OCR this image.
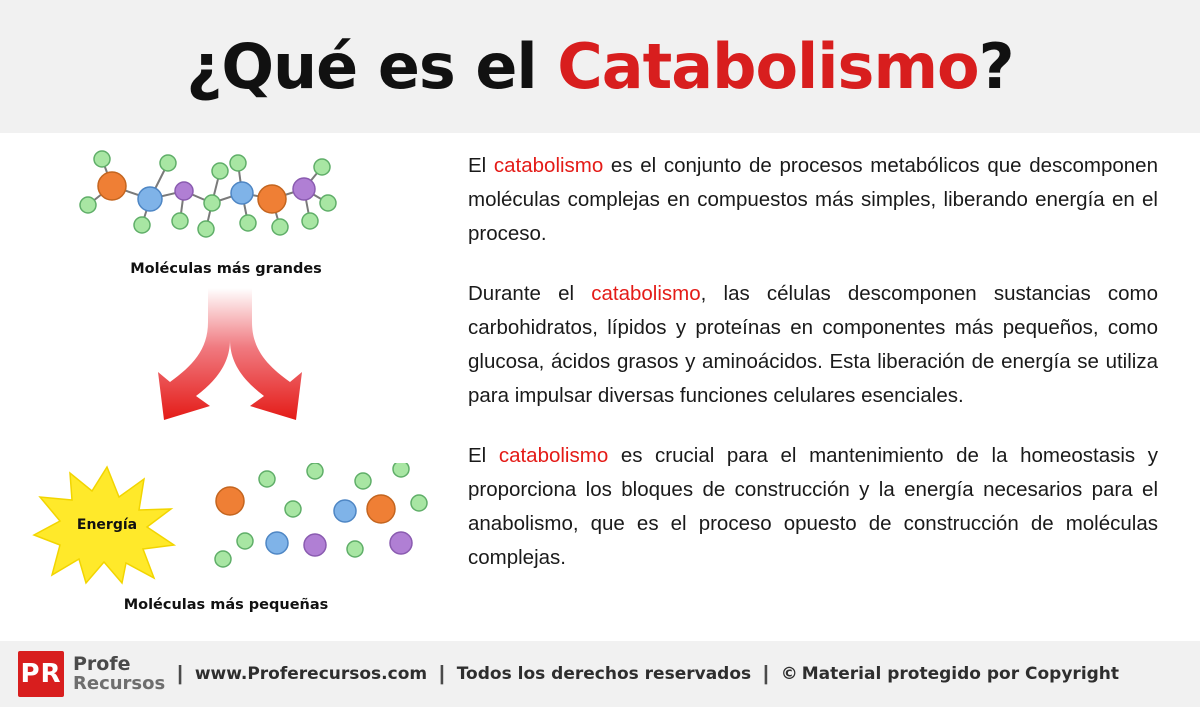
¿Qué es el Catabolismo?
Moléculas más grandes
Energía
Moléculas más pequeñas

El catabolismo es el conjunto de procesos metabólicos que descomponen moléculas complejas en compuestos más simples, liberando energía en el proceso.

Durante el catabolismo, las células descomponen sustancias como carbohidratos, lípidos y proteínas en componentes más pequeños, como glucosa, ácidos grasos y aminoácidos. Esta liberación de energía se utiliza para impulsar diversas funciones celulares esenciales.

El catabolismo es crucial para el mantenimiento de la homeostasis y proporciona los bloques de construcción y la energía necesarios para el anabolismo, que es el proceso opuesto de construcción de moléculas complejas.

PR Profe
Recursos | www.Proferecursos.com | Todos los derechos reservados | © Material protegido por Copyright
